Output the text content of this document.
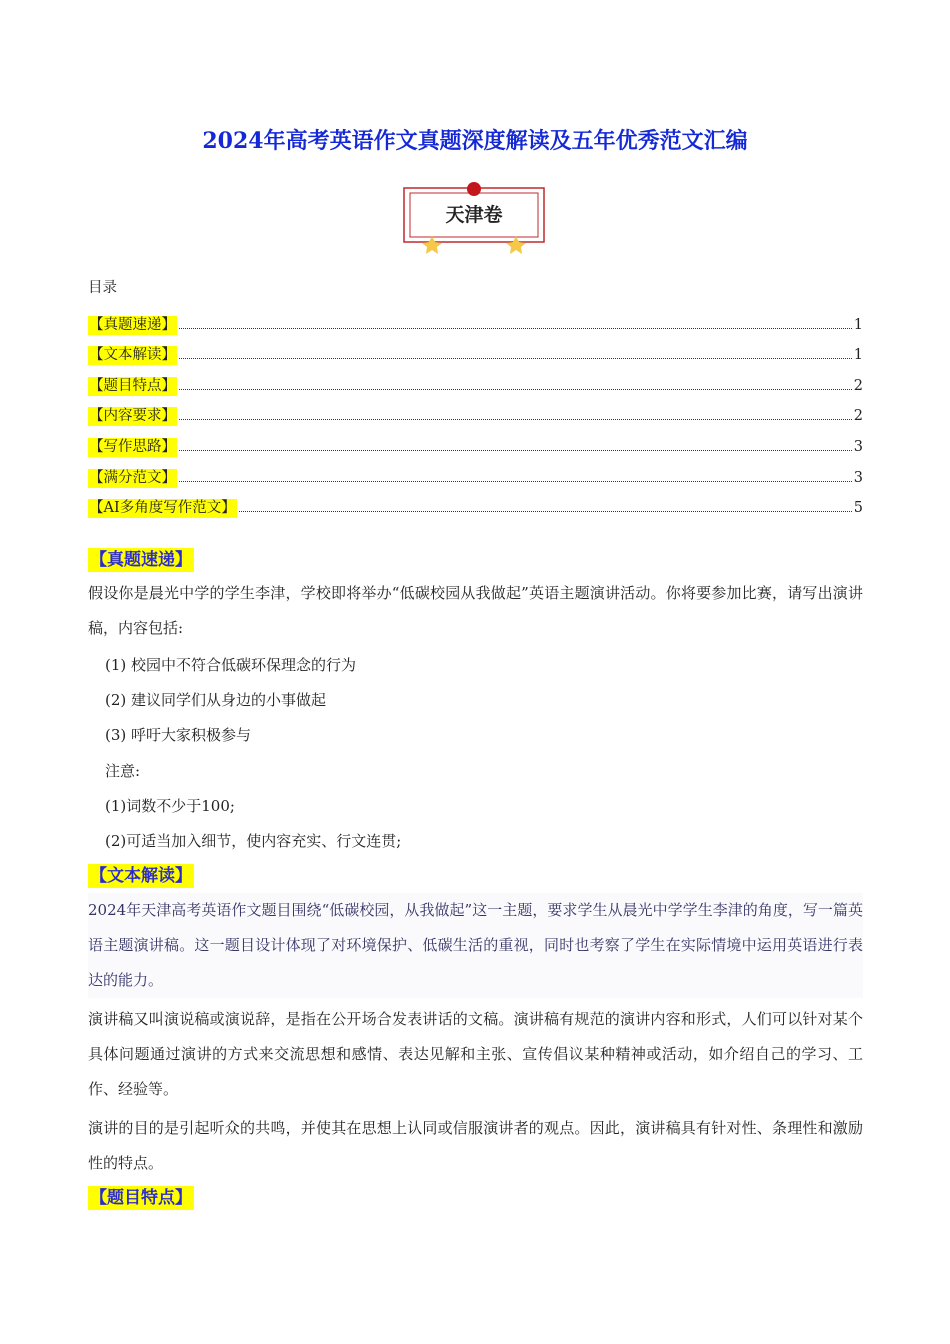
2024年高考英语作文真题深度解读及五年优秀范文汇编
天津卷
目录
【真题速递】	1
【文本解读】	1
【题目特点】	2
【内容要求】	2
【写作思路】	3
【满分范文】	3
【AI多角度写作范文】	5
【真题速递】

假设你是晨光中学的学生李津，学校即将举办“低碳校园从我做起”英语主题演讲活动。你将要参加比赛，请写出演讲稿，内容包括:

(1) 校园中不符合低碳环保理念的行为
(2) 建议同学们从身边的小事做起
(3) 呼吁大家积极参与
注意:
(1)词数不少于100;
(2)可适当加入细节，使内容充实、行文连贯;
【文本解读】

2024年天津高考英语作文题目围绕“低碳校园，从我做起”这一主题，要求学生从晨光中学学生李津的角度，写一篇英语主题演讲稿。这一题目设计体现了对环境保护、低碳生活的重视，同时也考察了学生在实际情境中运用英语进行表达的能力。

演讲稿又叫演说稿或演说辞，是指在公开场合发表讲话的文稿。演讲稿有规范的演讲内容和形式，人们可以针对某个具体问题通过演讲的方式来交流思想和感情、表达见解和主张、宣传倡议某种精神或活动，如介绍自己的学习、工作、经验等。

演讲的目的是引起听众的共鸣，并使其在思想上认同或信服演讲者的观点。因此，演讲稿具有针对性、条理性和激励性的特点。

【题目特点】
